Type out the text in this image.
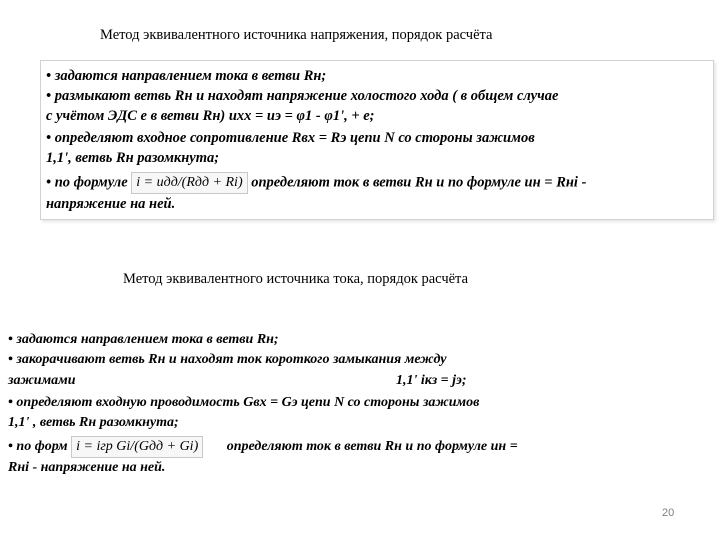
Метод эквивалентного источника напряжения, порядок расчёта
• задаются направлением тока в ветви Rн;
• размыкают ветвь Rн и находят напряжение холостого хода ( в общем случае
с учётом ЭДС е в ветви Rн) uхх = uэ = φ1 - φ1', + e;
• определяют входное сопротивление Rвх = Rэ цепи N со стороны зажимов
1,1', ветвь Rн разомкнута;
• по формуле i = uдд/(Rдд + Ri) определяют ток в ветви Rн и по формуле uн = Rнi -
напряжение на ней.
Метод эквивалентного источника тока, порядок расчёта
• задаются направлением тока в ветви Rн;
• закорачивают ветвь Rн и находят ток короткого замыкания между
зажимами	1,1' iкз = jэ;
• определяют входную проводимость Gвх = Gэ цепи N со стороны зажимов
1,1' , ветвь Rн разомкнута;
• по форм i = iгр Gi/(Gдд + Gi) определяют ток в ветви Rн и по формуле uн =
Rнi - напряжение на ней.
20
